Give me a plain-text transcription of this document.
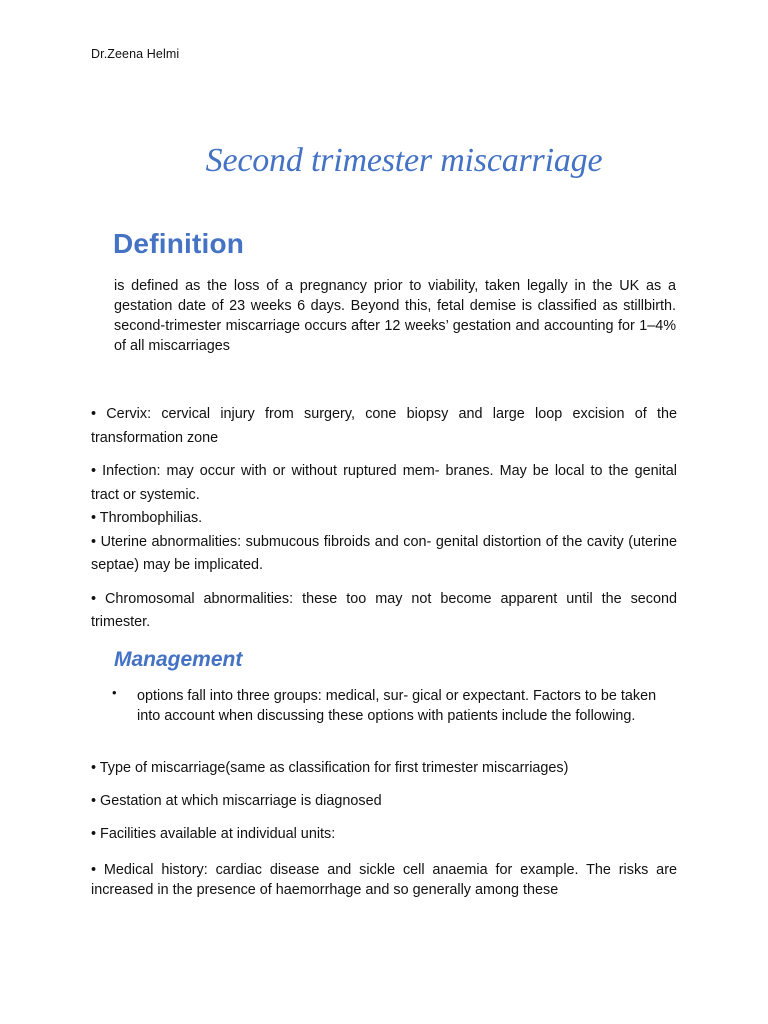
Dr.Zeena Helmi
Second trimester miscarriage
Definition
is defined as the loss of a pregnancy prior to viability, taken legally in the UK as a gestation date of 23 weeks 6 days. Beyond this, fetal demise is classified as stillbirth. second-trimester miscarriage occurs after 12 weeks’ gestation and accounting for 1–4% of all miscarriages

• Cervix: cervical injury from surgery, cone biopsy and large loop excision of the transformation zone

• Infection: may occur with or without ruptured mem- branes. May be local to the genital tract or systemic.

• Thrombophilias.

• Uterine abnormalities: submucous fibroids and con- genital distortion of the cavity (uterine septae) may be implicated.

• Chromosomal abnormalities: these too may not become apparent until the second trimester.

Management
• options fall into three groups: medical, sur- gical or expectant. Factors to be taken into account when discussing these options with patients include the following.

• Type of miscarriage(same as classification for first trimester miscarriages)

• Gestation at which miscarriage is diagnosed

• Facilities available at individual units:

• Medical history: cardiac disease and sickle cell anaemia for example. The risks are increased in the presence of haemorrhage and so generally among these
